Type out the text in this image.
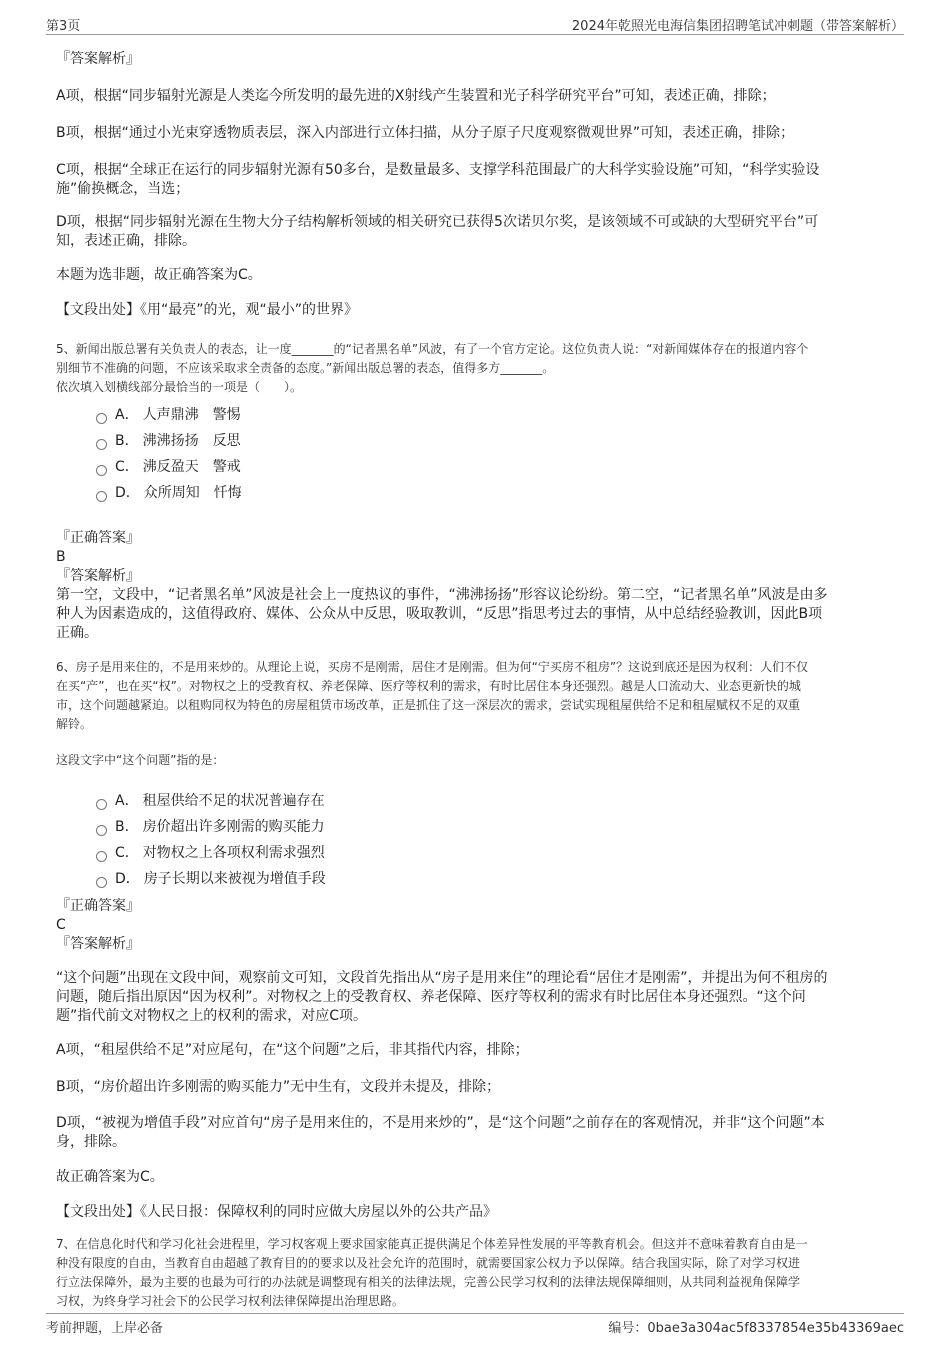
第3页	2024年乾照光电海信集团招聘笔试冲刺题（带答案解析）

『答案解析』

A项，根据“同步辐射光源是人类迄今所发明的最先进的X射线产生装置和光子科学研究平台”可知，表述正确，排除；

B项，根据“通过小光束穿透物质表层，深入内部进行立体扫描，从分子原子尺度观察微观世界”可知，表述正确，排除；

C项，根据“全球正在运行的同步辐射光源有50多台，是数量最多、支撑学科范围最广的大科学实验设施”可知，“科学实验设

施”偷换概念，当选；

D项，根据“同步辐射光源在生物大分子结构解析领域的相关研究已获得5次诺贝尔奖，是该领域不可或缺的大型研究平台”可

知，表述正确，排除。

本题为选非题，故正确答案为C。

【文段出处】《用“最亮”的光，观“最小”的世界》

5、新闻出版总署有关负责人的表态，让一度_______的“记者黑名单”风波，有了一个官方定论。这位负责人说：“对新闻媒体存在的报道内容个

别细节不准确的问题，不应该采取求全责备的态度。”新闻出版总署的表态，值得多方_______。

依次填入划横线部分最恰当的一项是（　　）。

A． 人声鼎沸　警惕
B． 沸沸扬扬　反思
C． 沸反盈天　警戒
D． 众所周知　忏悔

『正确答案』

B

『答案解析』

第一空，文段中，“记者黑名单”风波是社会上一度热议的事件，“沸沸扬扬”形容议论纷纷。第二空，“记者黑名单”风波是由多

种人为因素造成的，这值得政府、媒体、公众从中反思，吸取教训，“反思”指思考过去的事情，从中总结经验教训，因此B项

正确。

6、房子是用来住的，不是用来炒的。从理论上说，买房不是刚需，居住才是刚需。但为何“宁买房不租房”？这说到底还是因为权利：人们不仅

在买“产”，也在买“权”。对物权之上的受教育权、养老保障、医疗等权利的需求，有时比居住本身还强烈。越是人口流动大、业态更新快的城

市，这个问题越紧迫。以租购同权为特色的房屋租赁市场改革，正是抓住了这一深层次的需求，尝试实现租屋供给不足和租屋赋权不足的双重

解铃。

这段文字中“这个问题”指的是：

A． 租屋供给不足的状况普遍存在
B． 房价超出许多刚需的购买能力
C． 对物权之上各项权利需求强烈
D． 房子长期以来被视为增值手段

『正确答案』

C

『答案解析』

“这个问题”出现在文段中间，观察前文可知，文段首先指出从“房子是用来住”的理论看“居住才是刚需”，并提出为何不租房的

问题，随后指出原因“因为权利”。对物权之上的受教育权、养老保障、医疗等权利的需求有时比居住本身还强烈。“这个问

题”指代前文对物权之上的权利的需求，对应C项。

A项，“租屋供给不足”对应尾句，在“这个问题”之后，非其指代内容，排除；

B项，“房价超出许多刚需的购买能力”无中生有，文段并未提及，排除；

D项，“被视为增值手段”对应首句“房子是用来住的，不是用来炒的”，是“这个问题”之前存在的客观情况，并非“这个问题”本

身，排除。

故正确答案为C。

【文段出处】《人民日报：保障权利的同时应做大房屋以外的公共产品》

7、在信息化时代和学习化社会进程里，学习权客观上要求国家能真正提供满足个体差异性发展的平等教育机会。但这并不意味着教育自由是一

种没有限度的自由，当教育自由超越了教育目的的要求以及社会允许的范围时，就需要国家公权力予以保障。结合我国实际，除了对学习权进

行立法保障外，最为主要的也最为可行的办法就是调整现有相关的法律法规，完善公民学习权利的法律法规保障细则，从共同利益视角保障学

习权，为终身学习社会下的公民学习权利法律保障提出治理思路。

考前押题，上岸必备	编号：0bae3a304ac5f8337854e35b43369aec
